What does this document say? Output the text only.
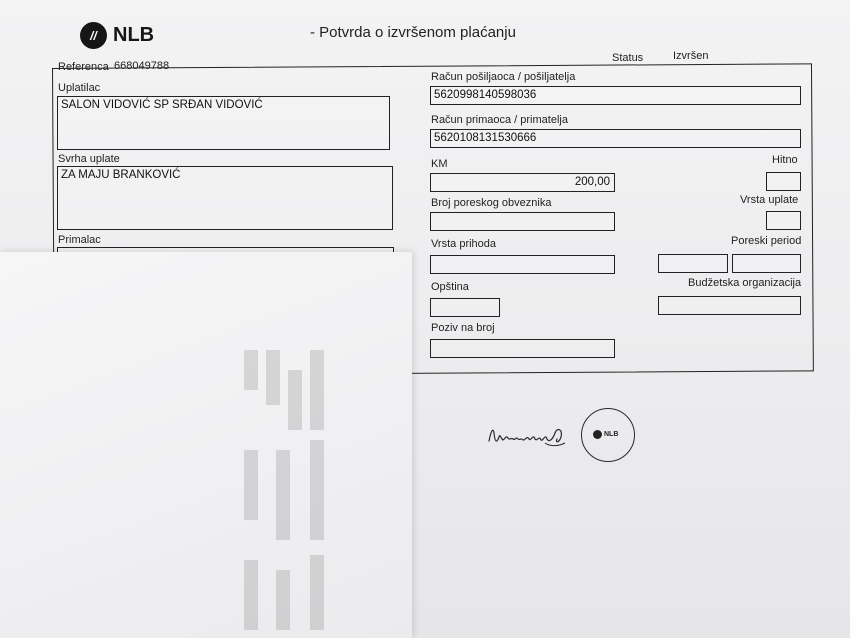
// NLB	- Potvrda o izvršenom plaćanju
Referenca 668049788
Status	Izvršen
Uplatilac
SALON VIDOVIĆ SP SRĐAN VIDOVIĆ
Svrha uplate
ZA MAJU BRANKOVIĆ
Primalac
Račun pošiljaoca / pošiljatelja
5620998140598036
Račun primaoca / primatelja
5620108131530666
KM
200,00
Hitno
Broj poreskog obveznika	Vrsta uplate
Vrsta prihoda	Poreski period
Opština	Budžetska organizacija
Poziv na broj
NLB
